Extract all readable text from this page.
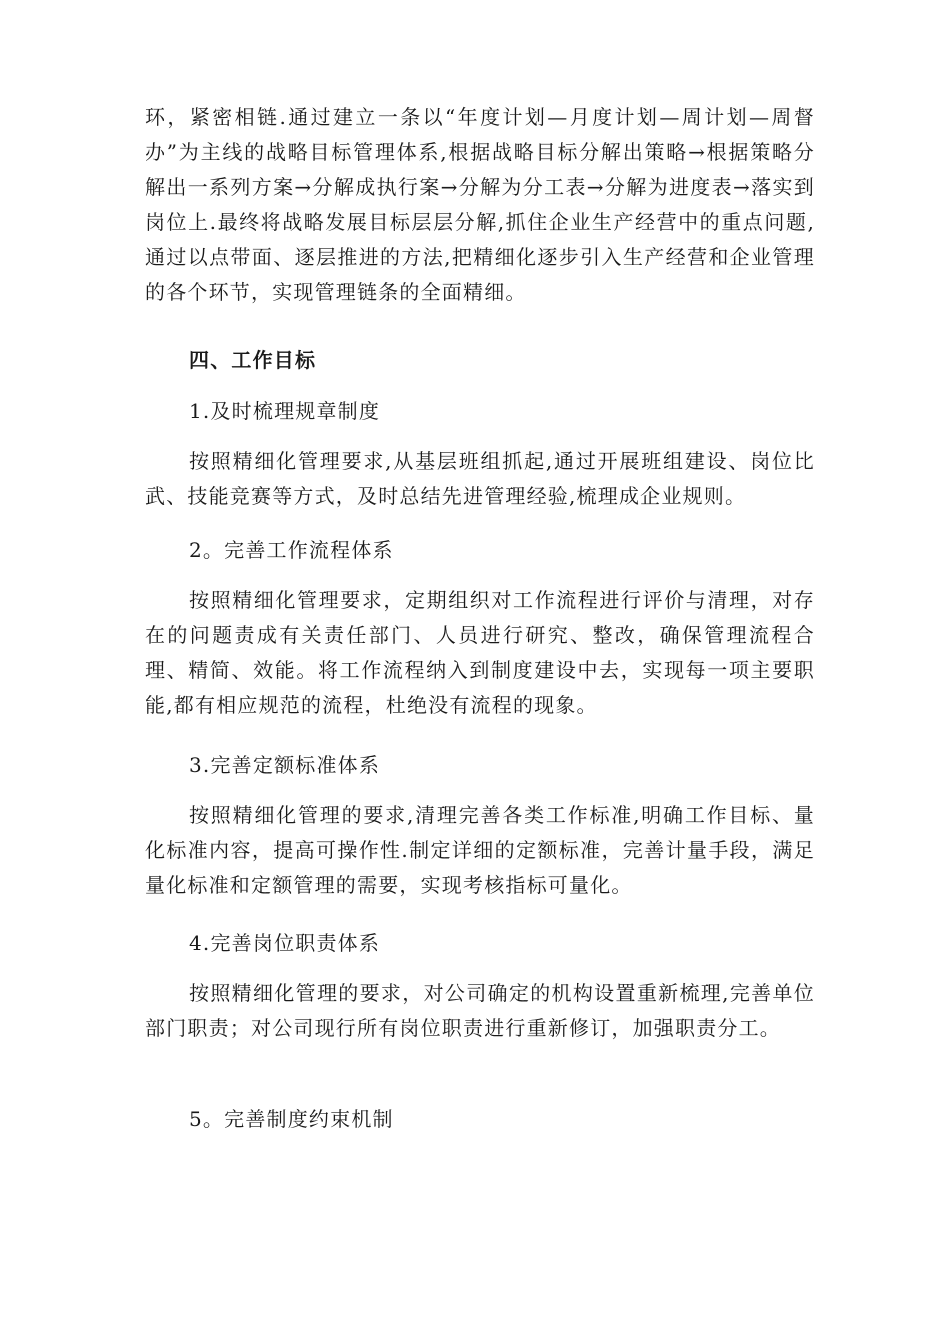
环，紧密相链.通过建立一条以“年度计划—月度计划—周计划—周督办”为主线的战略目标管理体系,根据战略目标分解出策略→根据策略分解出一系列方案→分解成执行案→分解为分工表→分解为进度表→落实到岗位上.最终将战略发展目标层层分解,抓住企业生产经营中的重点问题,通过以点带面、逐层推进的方法,把精细化逐步引入生产经营和企业管理的各个环节，实现管理链条的全面精细。

四、工作目标
1.及时梳理规章制度

按照精细化管理要求,从基层班组抓起,通过开展班组建设、岗位比武、技能竞赛等方式，及时总结先进管理经验,梳理成企业规则。

2。完善工作流程体系

按照精细化管理要求，定期组织对工作流程进行评价与清理，对存在的问题责成有关责任部门、人员进行研究、整改，确保管理流程合理、精简、效能。将工作流程纳入到制度建设中去，实现每一项主要职能,都有相应规范的流程，杜绝没有流程的现象。

3.完善定额标准体系

按照精细化管理的要求,清理完善各类工作标准,明确工作目标、量化标准内容，提高可操作性.制定详细的定额标准，完善计量手段，满足量化标准和定额管理的需要，实现考核指标可量化。

4.完善岗位职责体系

按照精细化管理的要求，对公司确定的机构设置重新梳理,完善单位部门职责；对公司现行所有岗位职责进行重新修订，加强职责分工。

5。完善制度约束机制
